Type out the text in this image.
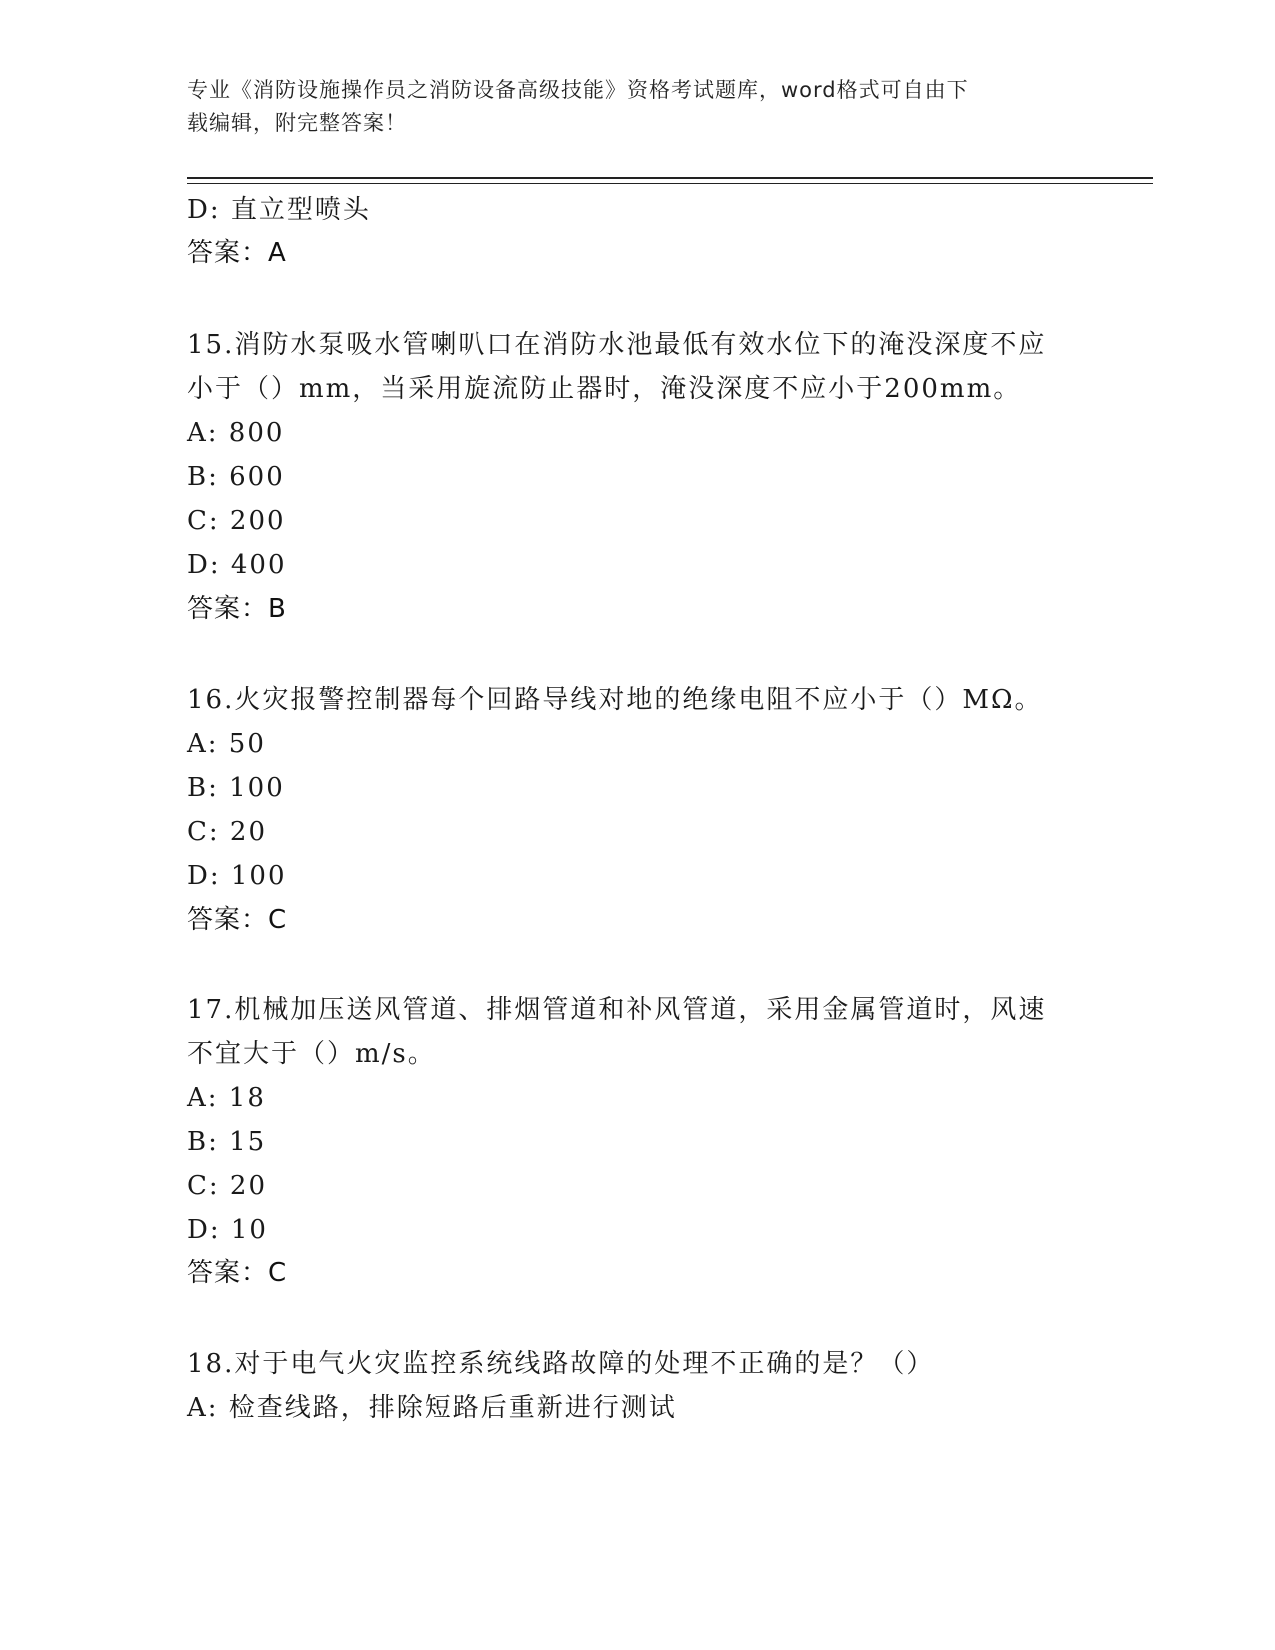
专业《消防设施操作员之消防设备高级技能》资格考试题库，word格式可自由下
载编辑，附完整答案！
D: 直立型喷头
答案：A
15.消防水泵吸水管喇叭口在消防水池最低有效水位下的淹没深度不应
小于（）mm，当采用旋流防止器时，淹没深度不应小于200mm。
A: 800
B: 600
C: 200
D: 400
答案：B
16.火灾报警控制器每个回路导线对地的绝缘电阻不应小于（）MΩ。
A: 50
B: 100
C: 20
D: 100
答案：C
17.机械加压送风管道、排烟管道和补风管道，采用金属管道时，风速
不宜大于（）m/s。
A: 18
B: 15
C: 20
D: 10
答案：C
18.对于电气火灾监控系统线路故障的处理不正确的是？（）
A: 检查线路，排除短路后重新进行测试
